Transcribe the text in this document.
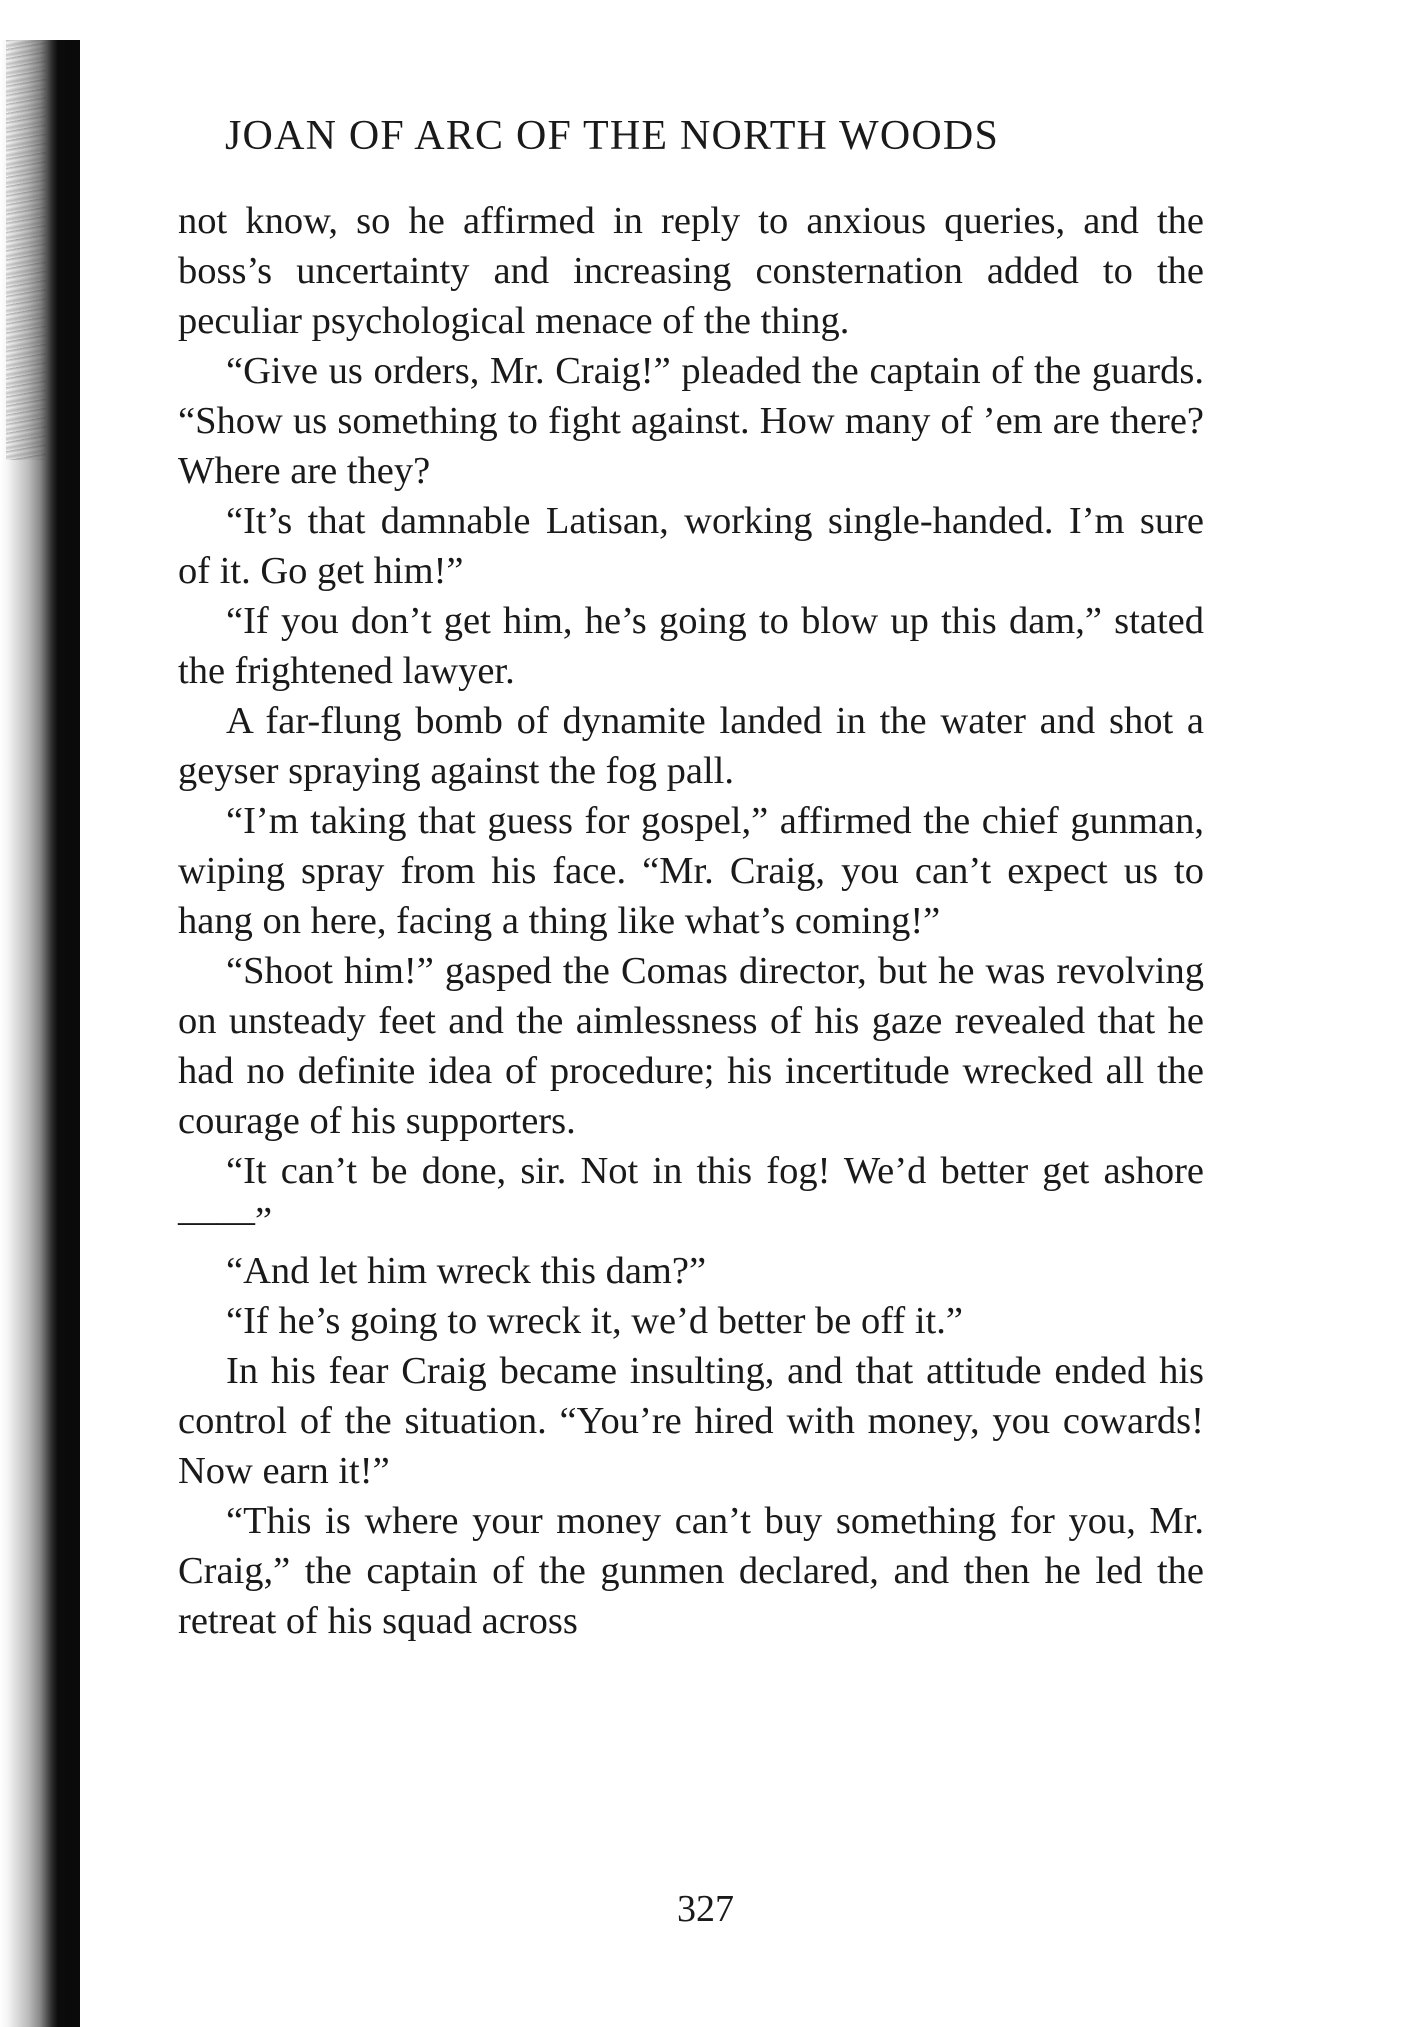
JOAN OF ARC OF THE NORTH WOODS

not know, so he affirmed in reply to anxious queries, and the boss’s uncertainty and increasing consternation added to the peculiar psychological menace of the thing.

“Give us orders, Mr. Craig!” pleaded the captain of the guards. “Show us something to fight against. How many of ’em are there? Where are they?

“It’s that damnable Latisan, working single-handed. I’m sure of it. Go get him!”

“If you don’t get him, he’s going to blow up this dam,” stated the frightened lawyer.

A far-flung bomb of dynamite landed in the water and shot a geyser spraying against the fog pall.

“I’m taking that guess for gospel,” affirmed the chief gunman, wiping spray from his face. “Mr. Craig, you can’t expect us to hang on here, facing a thing like what’s coming!”

“Shoot him!” gasped the Comas director, but he was revolving on unsteady feet and the aimlessness of his gaze revealed that he had no definite idea of procedure; his incertitude wrecked all the courage of his supporters.

“It can’t be done, sir. Not in this fog! We’d better get ashore ——”

“And let him wreck this dam?”

“If he’s going to wreck it, we’d better be off it.”

In his fear Craig became insulting, and that attitude ended his control of the situation. “You’re hired with money, you cowards! Now earn it!”

“This is where your money can’t buy something for you, Mr. Craig,” the captain of the gunmen declared, and then he led the retreat of his squad across

327
